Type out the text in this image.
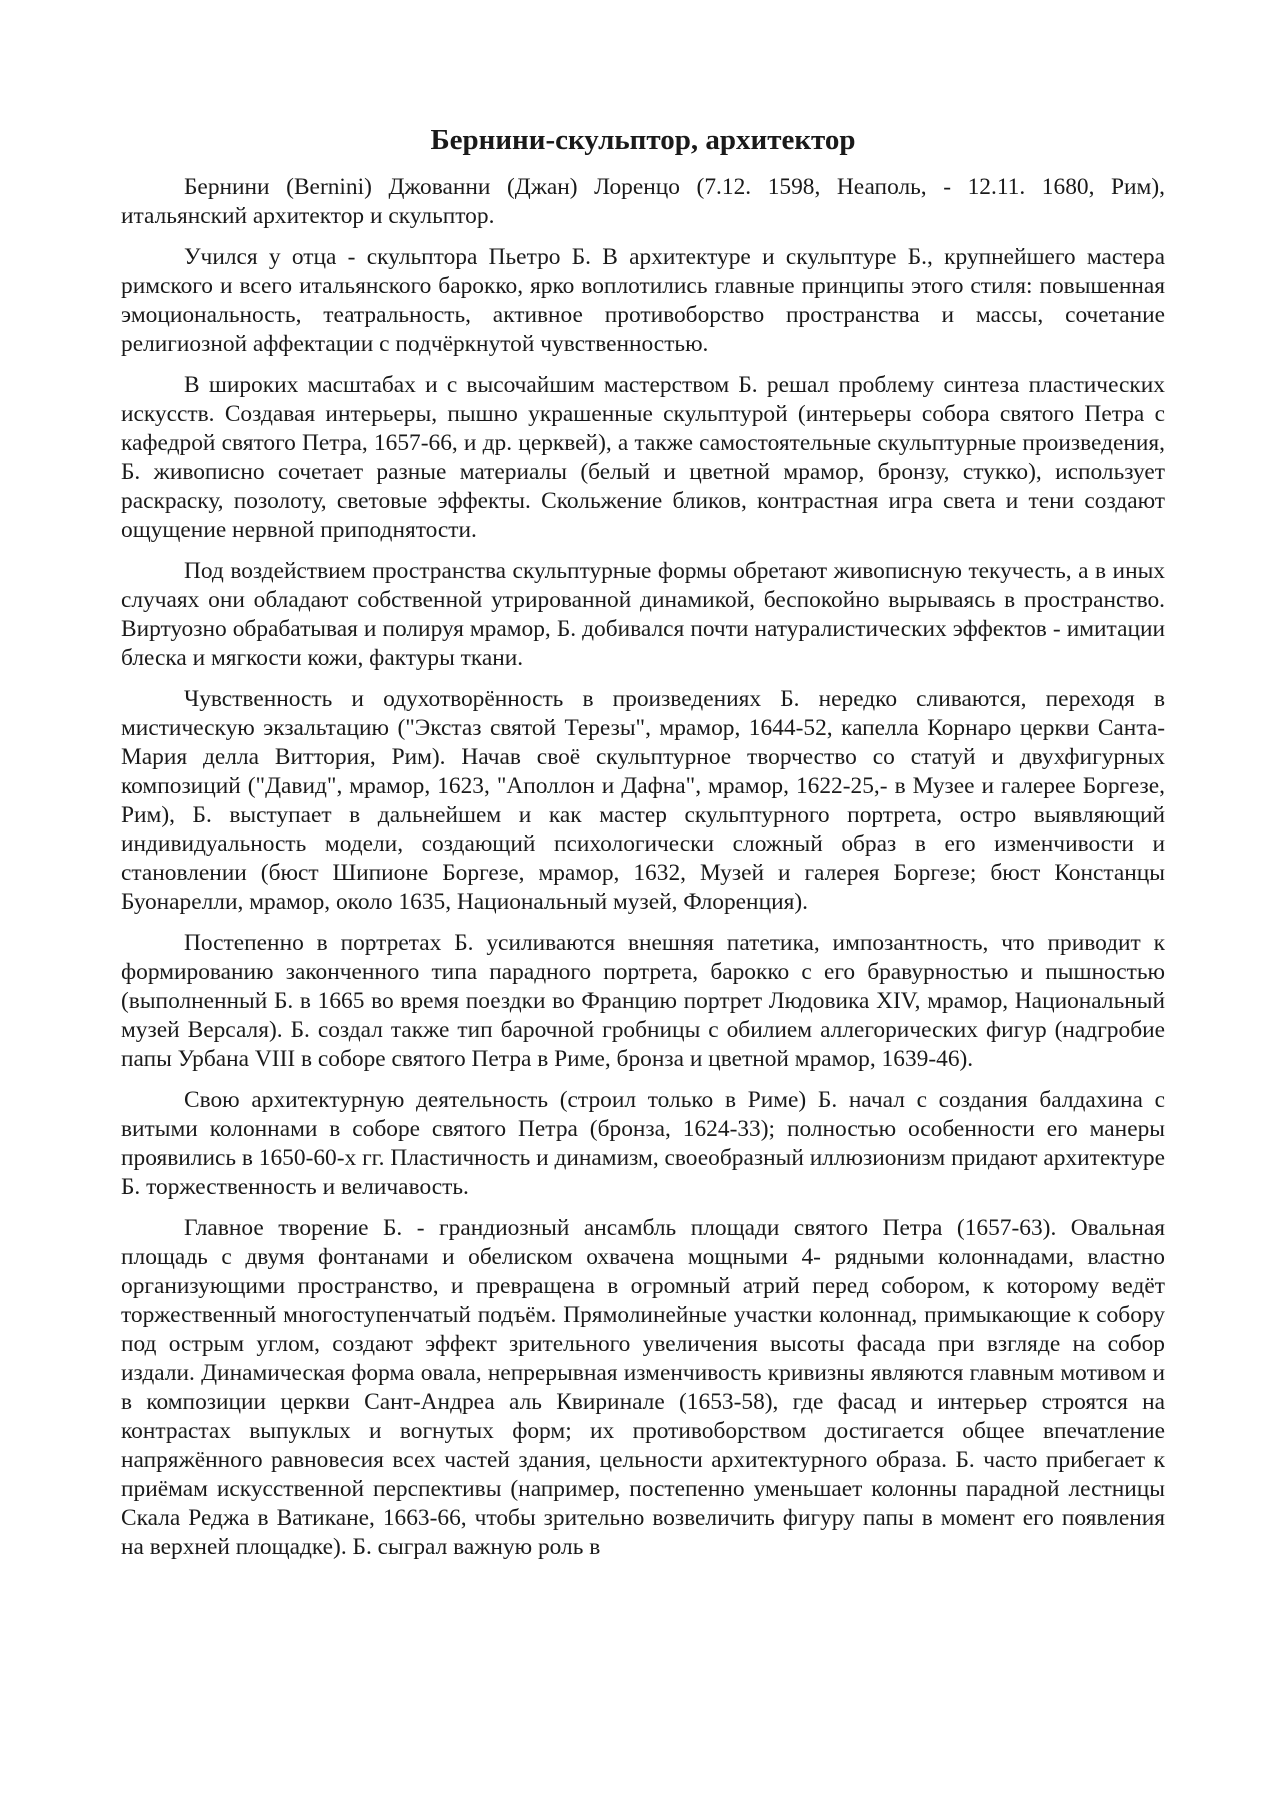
Бернини-скульптор, архитектор

Бернини (Bernini) Джованни (Джан) Лоренцо (7.12. 1598, Неаполь, - 12.11. 1680, Рим), итальянский архитектор и скульптор.

Учился у отца - скульптора Пьетро Б. В архитектуре и скульптуре Б., крупнейшего мастера римского и всего итальянского барокко, ярко воплотились главные принципы этого стиля: повышенная эмоциональность, театральность, активное противоборство пространства и массы, сочетание религиозной аффектации с подчёркнутой чувственностью.

В широких масштабах и с высочайшим мастерством Б. решал проблему синтеза пластических искусств. Создавая интерьеры, пышно украшенные скульптурой (интерьеры собора святого Петра с кафедрой святого Петра, 1657-66, и др. церквей), а также самостоятельные скульптурные произведения, Б. живописно сочетает разные материалы (белый и цветной мрамор, бронзу, стукко), использует раскраску, позолоту, световые эффекты. Скольжение бликов, контрастная игра света и тени создают ощущение нервной приподнятости.

Под воздействием пространства скульптурные формы обретают живописную текучесть, а в иных случаях они обладают собственной утрированной динамикой, беспокойно вырываясь в пространство. Виртуозно обрабатывая и полируя мрамор, Б. добивался почти натуралистических эффектов - имитации блеска и мягкости кожи, фактуры ткани.

Чувственность и одухотворённость в произведениях Б. нередко сливаются, переходя в мистическую экзальтацию ("Экстаз святой Терезы", мрамор, 1644-52, капелла Корнаро церкви Санта-Мария делла Виттория, Рим). Начав своё скульптурное творчество со статуй и двухфигурных композиций ("Давид", мрамор, 1623, "Аполлон и Дафна", мрамор, 1622-25,- в Музее и галерее Боргезе, Рим), Б. выступает в дальнейшем и как мастер скульптурного портрета, остро выявляющий индивидуальность модели, создающий психологически сложный образ в его изменчивости и становлении (бюст Шипионе Боргезе, мрамор, 1632, Музей и галерея Боргезе; бюст Констанцы Буонарелли, мрамор, около 1635, Национальный музей, Флоренция).

Постепенно в портретах Б. усиливаются внешняя патетика, импозантность, что приводит к формированию законченного типа парадного портрета, барокко с его бравурностью и пышностью (выполненный Б. в 1665 во время поездки во Францию портрет Людовика XIV, мрамор, Национальный музей Версаля). Б. создал также тип барочной гробницы с обилием аллегорических фигур (надгробие папы Урбана VIII в соборе святого Петра в Риме, бронза и цветной мрамор, 1639-46).

Свою архитектурную деятельность (строил только в Риме) Б. начал с создания балдахина с витыми колоннами в соборе святого Петра (бронза, 1624-33); полностью особенности его манеры проявились в 1650-60-х гг. Пластичность и динамизм, своеобразный иллюзионизм придают архитектуре Б. торжественность и величавость.

Главное творение Б. - грандиозный ансамбль площади святого Петра (1657-63). Овальная площадь с двумя фонтанами и обелиском охвачена мощными 4- рядными колоннадами, властно организующими пространство, и превращена в огромный атрий перед собором, к которому ведёт торжественный многоступенчатый подъём. Прямолинейные участки колоннад, примыкающие к собору под острым углом, создают эффект зрительного увеличения высоты фасада при взгляде на собор издали. Динамическая форма овала, непрерывная изменчивость кривизны являются главным мотивом и в композиции церкви Сант-Андреа аль Квиринале (1653-58), где фасад и интерьер строятся на контрастах выпуклых и вогнутых форм; их противоборством достигается общее впечатление напряжённого равновесия всех частей здания, цельности архитектурного образа. Б. часто прибегает к приёмам искусственной перспективы (например, постепенно уменьшает колонны парадной лестницы Скала Реджа в Ватикане, 1663-66, чтобы зрительно возвеличить фигуру папы в момент его появления на верхней площадке). Б. сыграл важную роль в
